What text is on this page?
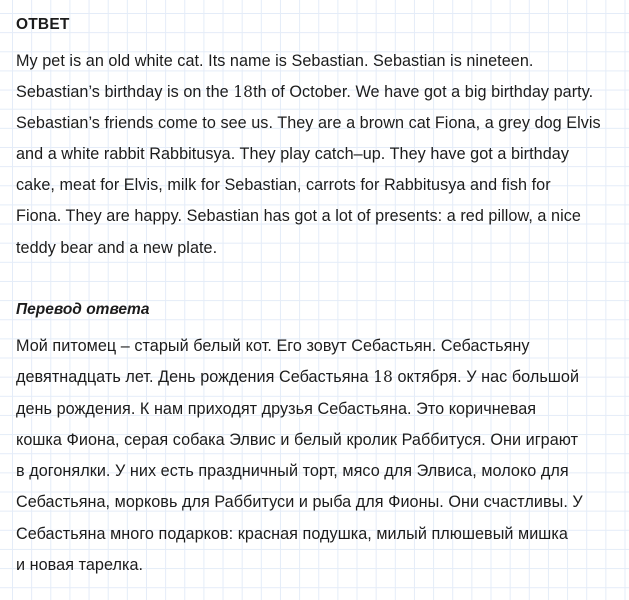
ОТВЕТ
My pet is an old white cat. Its name is Sebastian. Sebastian is nineteen.
Sebastian’s birthday is on the 18th of October. We have got a big birthday party.
Sebastian’s friends come to see us. They are a brown cat Fiona, a grey dog Elvis
and a white rabbit Rabbitusya. They play catch–up. They have got a birthday
cake, meat for Elvis, milk for Sebastian, carrots for Rabbitusya and fish for
Fiona. They are happy. Sebastian has got a lot of presents: a red pillow, a nice
teddy bear and a new plate.
Перевод ответа
Мой питомец – старый белый кот. Его зовут Себастьян. Себастьяну
девятнадцать лет. День рождения Себастьяна 18 октября. У нас большой
день рождения. К нам приходят друзья Себастьяна. Это коричневая
кошка Фиона, серая собака Элвис и белый кролик Раббитуся. Они играют
в догонялки. У них есть праздничный торт, мясо для Элвиса, молоко для
Себастьяна, морковь для Раббитуси и рыба для Фионы. Они счастливы. У
Себастьяна много подарков: красная подушка, милый плюшевый мишка
и новая тарелка.
